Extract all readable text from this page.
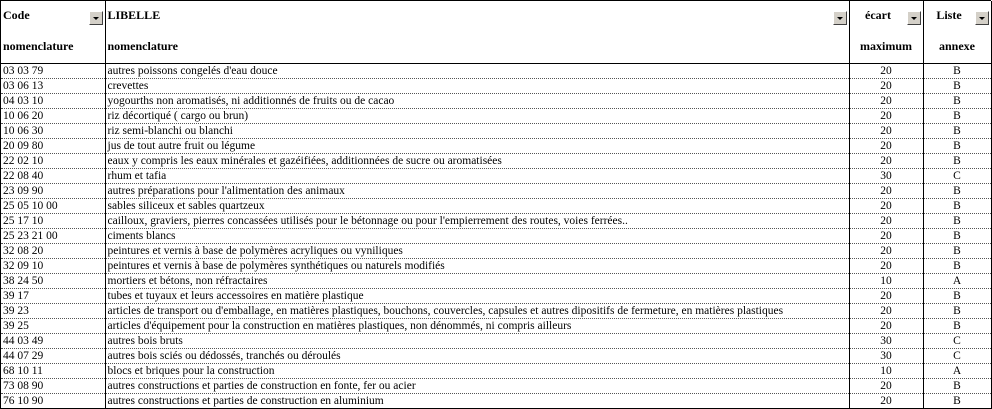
Code	LIBELLE	écart	Liste

nomenclature	nomenclature	maximum	annexe
03 03 79	autres poissons congelés d'eau douce	20	B
03 06 13	crevettes	20	B
04 03 10	yogourths non aromatisés, ni additionnés de fruits ou de cacao	20	B
10 06 20	riz décortiqué ( cargo ou brun)	20	B
10 06 30	riz semi-blanchi ou blanchi	20	B
20 09 80	jus de tout autre fruit ou légume	20	B
22 02 10	eaux y compris les eaux minérales et gazéifiées, additionnées de sucre ou aromatisées	20	B
22 08 40	rhum et tafia	30	C
23 09 90	autres préparations pour l'alimentation des animaux	20	B
25 05 10 00	sables siliceux et sables quartzeux	20	B
25 17 10	cailloux, graviers, pierres concassées utilisés pour le bétonnage ou pour l'empierrement des routes, voies ferrées..	20	B
25 23 21 00	ciments blancs	20	B
32 08 20	peintures et vernis à base de polymères acryliques ou vyniliques	20	B
32 09 10	peintures et vernis à base de polymères synthétiques ou naturels modifiés	20	B
38 24 50	mortiers et bétons, non réfractaires	10	A
39 17	tubes et tuyaux et leurs accessoires en matière plastique	20	B
39 23	articles de transport ou d'emballage, en matières plastiques, bouchons, couvercles, capsules et autres dipositifs de fermeture, en matières plastiques	20	B
39 25	articles d'équipement pour la construction en matières plastiques, non dénommés, ni compris ailleurs	20	B
44 03 49	autres bois bruts	30	C
44 07 29	autres bois sciés ou dédossés, tranchés ou déroulés	30	C
68 10 11	blocs et briques pour la construction	10	A
73 08 90	autres constructions et parties de construction en fonte, fer ou acier	20	B
76 10 90	autres constructions et parties de construction en aluminium	20	B
